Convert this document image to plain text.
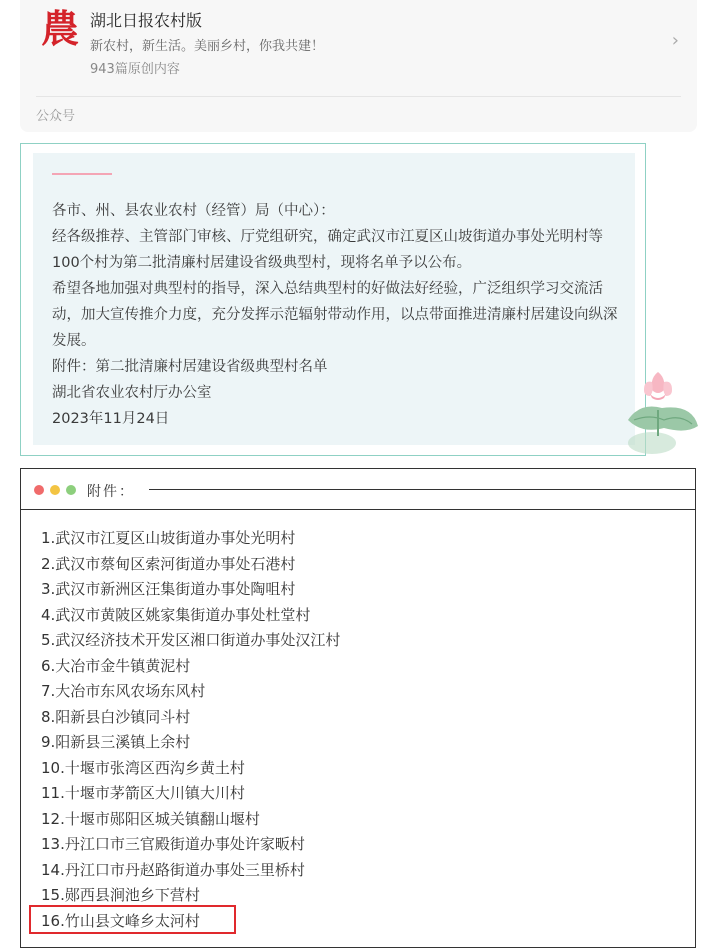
農 湖北日报农村版
新农村，新生活。美丽乡村，你我共建！
943篇原创内容
›
公众号

各市、州、县农业农村（经管）局（中心）：

经各级推荐、主管部门审核、厅党组研究，确定武汉市江夏区山坡街道办事处光明村等100个村为第二批清廉村居建设省级典型村，现将名单予以公布。

希望各地加强对典型村的指导，深入总结典型村的好做法好经验，广泛组织学习交流活动，加大宣传推介力度，充分发挥示范辐射带动作用，以点带面推进清廉村居建设向纵深发展。

附件：第二批清廉村居建设省级典型村名单

湖北省农业农村厅办公室

2023年11月24日

附件：
1.武汉市江夏区山坡街道办事处光明村
2.武汉市蔡甸区索河街道办事处石港村
3.武汉市新洲区汪集街道办事处陶咀村
4.武汉市黄陂区姚家集街道办事处杜堂村
5.武汉经济技术开发区湘口街道办事处汉江村
6.大冶市金牛镇黄泥村
7.大冶市东风农场东风村
8.阳新县白沙镇同斗村
9.阳新县三溪镇上余村
10.十堰市张湾区西沟乡黄土村
11.十堰市茅箭区大川镇大川村
12.十堰市郧阳区城关镇翻山堰村
13.丹江口市三官殿街道办事处许家畈村
14.丹江口市丹赵路街道办事处三里桥村
15.郧西县涧池乡下营村
16.竹山县文峰乡太河村
